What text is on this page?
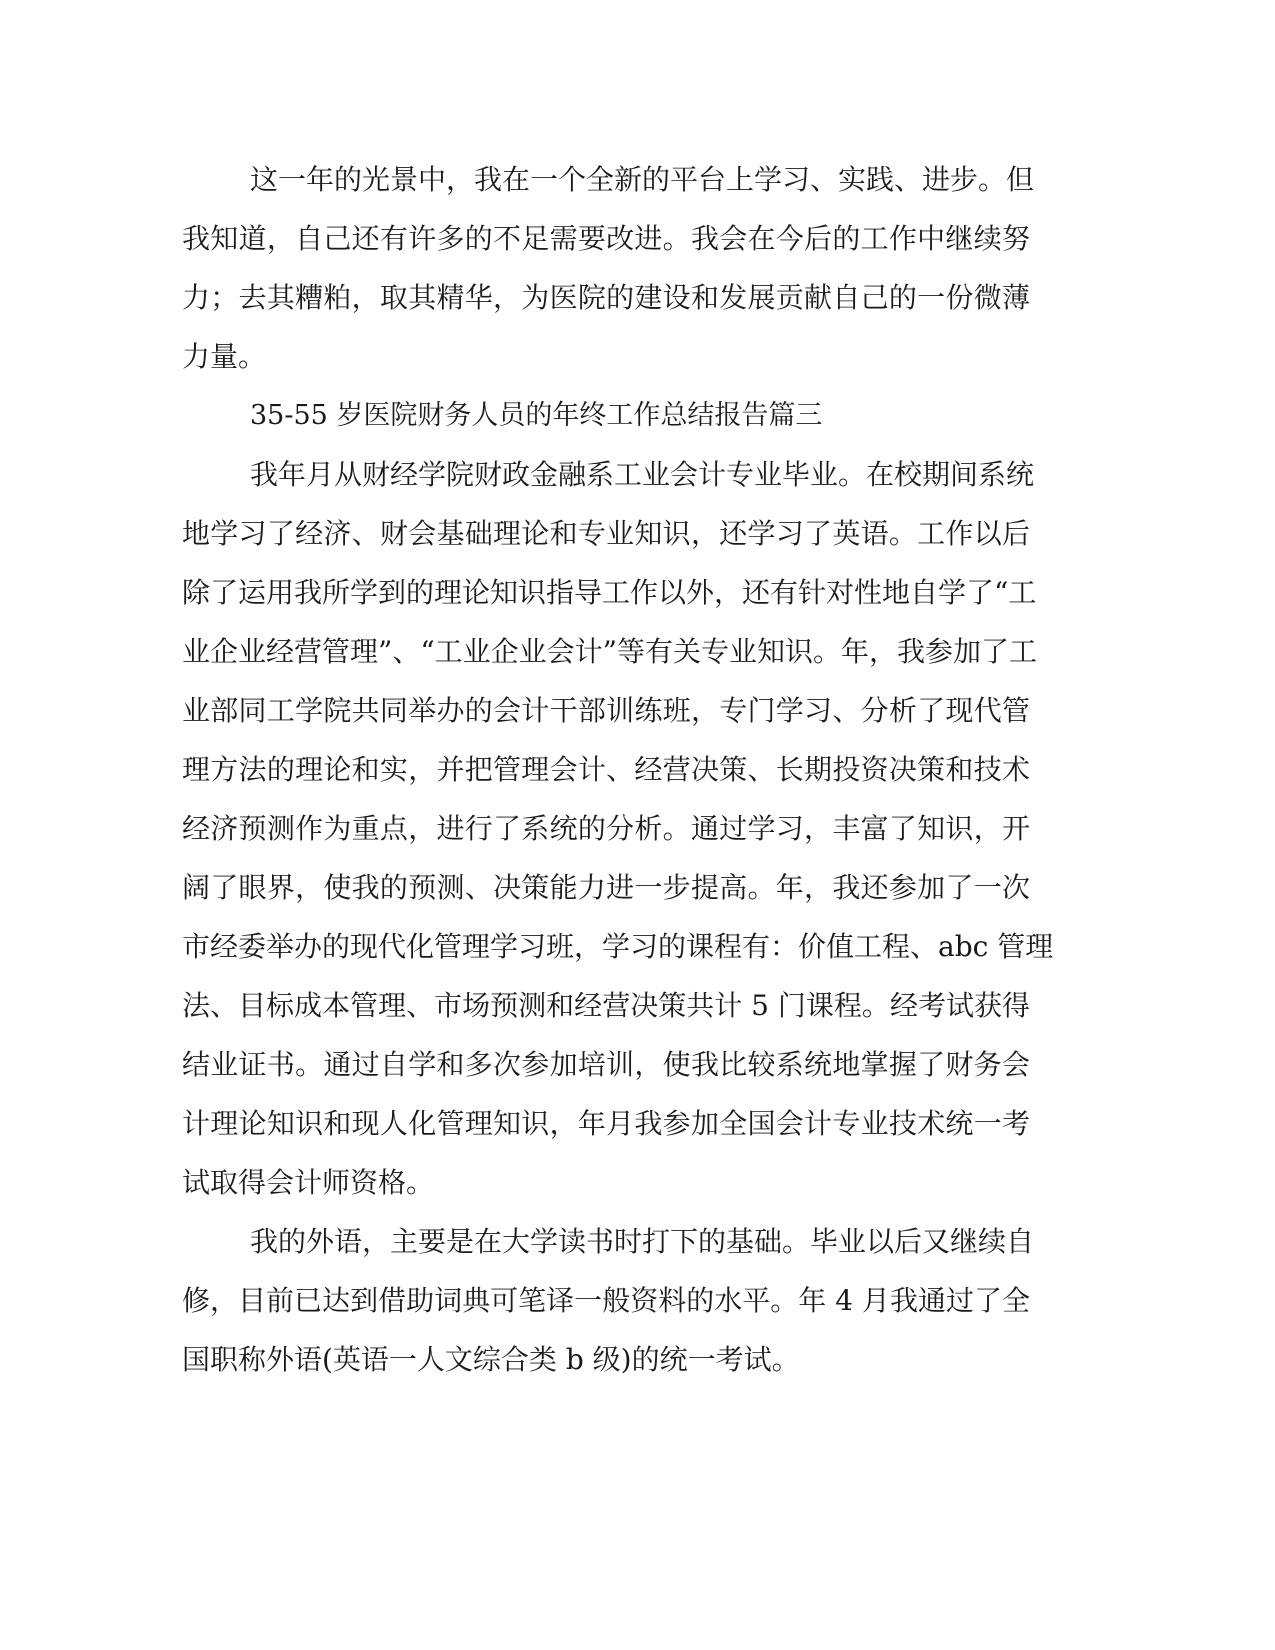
这一年的光景中，我在一个全新的平台上学习、实践、进步。但
我知道，自己还有许多的不足需要改进。我会在今后的工作中继续努
力；去其糟粕，取其精华，为医院的建设和发展贡献自己的一份微薄
力量。
35-55 岁医院财务人员的年终工作总结报告篇三
我年月从财经学院财政金融系工业会计专业毕业。在校期间系统
地学习了经济、财会基础理论和专业知识，还学习了英语。工作以后
除了运用我所学到的理论知识指导工作以外，还有针对性地自学了“工
业企业经营管理”、“工业企业会计”等有关专业知识。年，我参加了工
业部同工学院共同举办的会计干部训练班，专门学习、分析了现代管
理方法的理论和实，并把管理会计、经营决策、长期投资决策和技术
经济预测作为重点，进行了系统的分析。通过学习，丰富了知识，开
阔了眼界，使我的预测、决策能力进一步提高。年，我还参加了一次
市经委举办的现代化管理学习班，学习的课程有：价值工程、abc 管理
法、目标成本管理、市场预测和经营决策共计 5 门课程。经考试获得
结业证书。通过自学和多次参加培训，使我比较系统地掌握了财务会
计理论知识和现人化管理知识，年月我参加全国会计专业技术统一考
试取得会计师资格。
我的外语，主要是在大学读书时打下的基础。毕业以后又继续自
修，目前已达到借助词典可笔译一般资料的水平。年 4 月我通过了全
国职称外语(英语一人文综合类 b 级)的统一考试。
